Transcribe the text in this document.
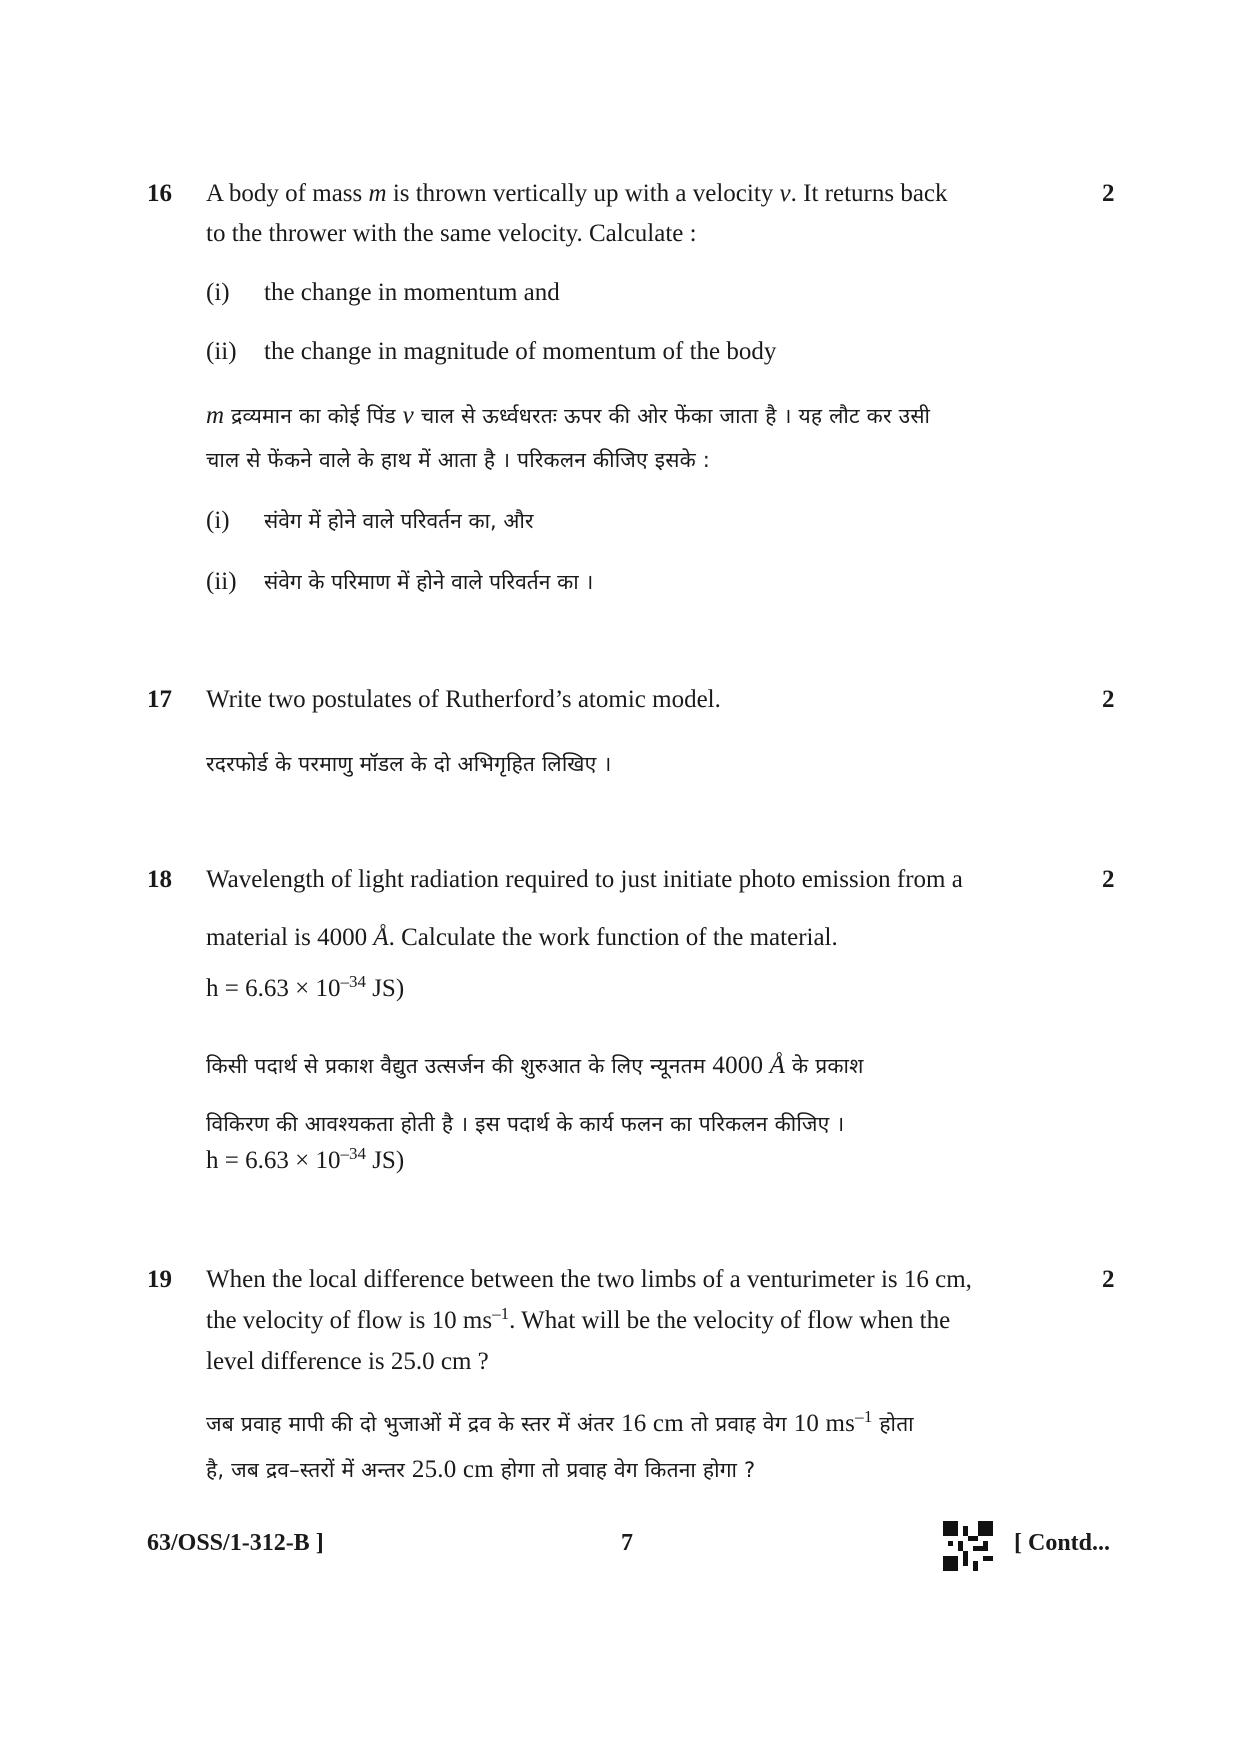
16	2
A body of mass m is thrown vertically up with a velocity v. It returns back
to the thrower with the same velocity. Calculate :
(i) the change in momentum and
(ii) the change in magnitude of momentum of the body
m द्रव्यमान का कोई पिंड v चाल से ऊर्ध्वधरतः ऊपर की ओर फेंका जाता है । यह लौट कर उसी
चाल से फेंकने वाले के हाथ में आता है । परिकलन कीजिए इसके :
(i) संवेग में होने वाले परिवर्तन का, और
(ii) संवेग के परिमाण में होने वाले परिवर्तन का ।
17	2
Write two postulates of Rutherford’s atomic model.
रदरफोर्ड के परमाणु मॉडल के दो अभिगृहित लिखिए ।
18	2
Wavelength of light radiation required to just initiate photo emission from a
material is 4000 Å. Calculate the work function of the material.
$h = 6.63 \times 10^{-34}$ JS)
किसी पदार्थ से प्रकाश वैद्युत उत्सर्जन की शुरुआत के लिए न्यूनतम 4000 Å के प्रकाश
विकिरण की आवश्यकता होती है । इस पदार्थ के कार्य फलन का परिकलन कीजिए ।
$h = 6.63 \times 10^{-34}$ JS)
19	2
When the local difference between the two limbs of a venturimeter is 16 cm,
the velocity of flow is 10 $ms^{-1}$. What will be the velocity of flow when the
level difference is 25.0 cm ?
जब प्रवाह मापी की दो भुजाओं में द्रव के स्तर में अंतर 16 cm तो प्रवाह वेग 10 $ms^{-1}$ होता
है, जब द्रव–स्तरों में अन्तर 25.0 cm होगा तो प्रवाह वेग कितना होगा ?
63/OSS/1-312-B ]	7	[ Contd...
